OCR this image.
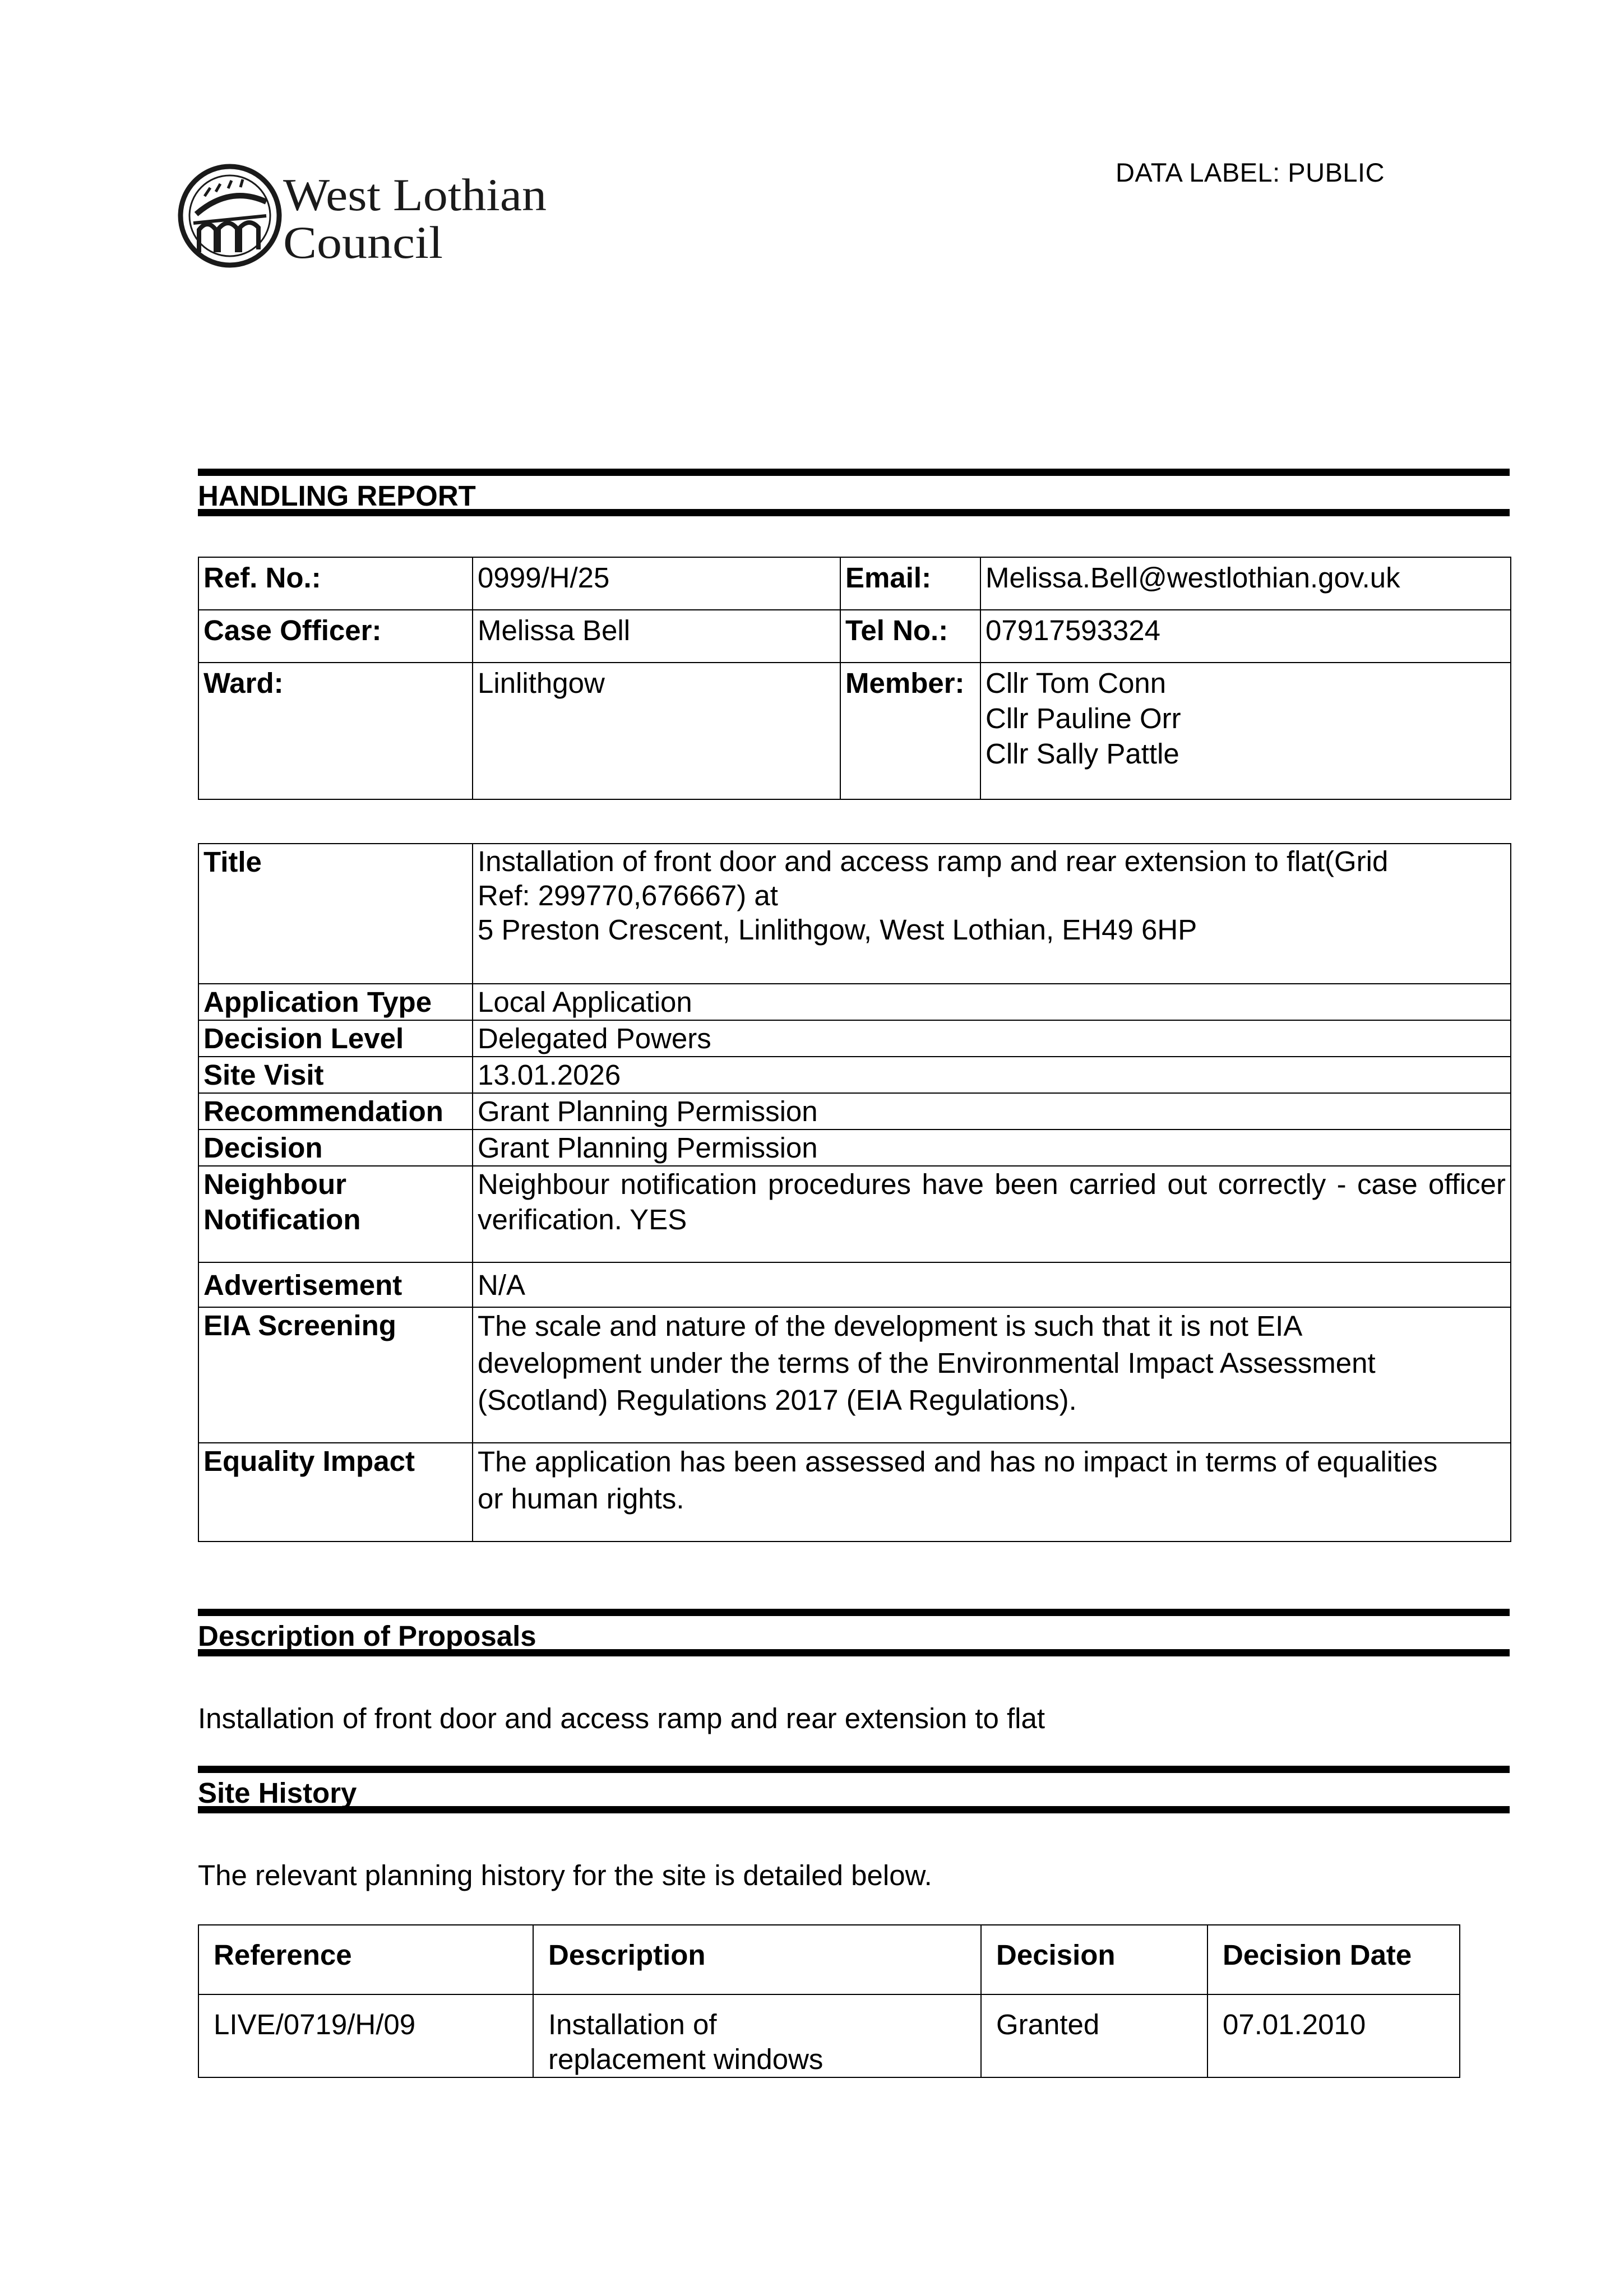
West Lothian
Council
DATA LABEL: PUBLIC
HANDLING REPORT
Ref. No.:	0999/H/25	Email:	Melissa.Bell@westlothian.gov.uk
Case Officer:	Melissa Bell	Tel No.:	07917593324
Ward:	Linlithgow	Member:	Cllr Tom Conn
Cllr Pauline Orr
Cllr Sally Pattle
Title	Installation of front door and access ramp and rear extension to flat(Grid
Ref: 299770,676667) at
5 Preston Crescent, Linlithgow, West Lothian, EH49 6HP

Application Type	Local Application
Decision Level	Delegated Powers
Site Visit	13.01.2026
Recommendation	Grant Planning Permission
Decision	Grant Planning Permission
Neighbour Notification	Neighbour notification procedures have been carried out correctly - case officer verification. YES
Advertisement	N/A
EIA Screening	The scale and nature of the development is such that it is not EIA
development under the terms of the Environmental Impact Assessment
(Scotland) Regulations 2017 (EIA Regulations).

Equality Impact	The application has been assessed and has no impact in terms of equalities
or human rights.
Description of Proposals
Installation of front door and access ramp and rear extension to flat
Site History
The relevant planning history for the site is detailed below.
Reference	Description	Decision	Decision Date
LIVE/0719/H/09	Installation of replacement windows	Granted	07.01.2010
